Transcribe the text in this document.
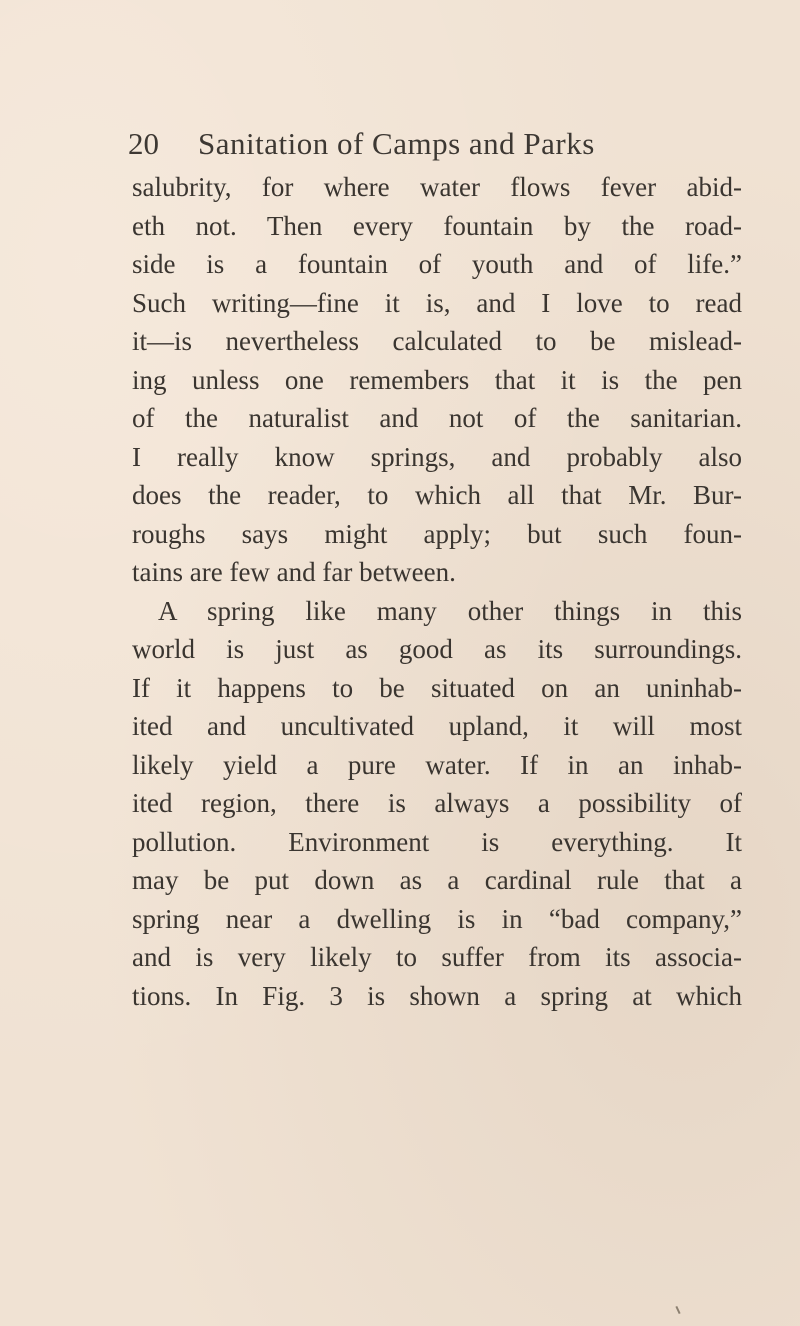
20 Sanitation of Camps and Parks
salubrity, for where water flows fever abid-
eth not. Then every fountain by the road-
side is a fountain of youth and of life.”
Such writing—fine it is, and I love to read
it—is nevertheless calculated to be mislead-
ing unless one remembers that it is the pen
of the naturalist and not of the sanitarian.
I really know springs, and probably also
does the reader, to which all that Mr. Bur-
roughs says might apply; but such foun-
tains are few and far between.
A spring like many other things in this
world is just as good as its surroundings.
If it happens to be situated on an uninhab-
ited and uncultivated upland, it will most
likely yield a pure water. If in an inhab-
ited region, there is always a possibility of
pollution. Environment is everything. It
may be put down as a cardinal rule that a
spring near a dwelling is in “bad company,”
and is very likely to suffer from its associa-
tions. In Fig. 3 is shown a spring at which
